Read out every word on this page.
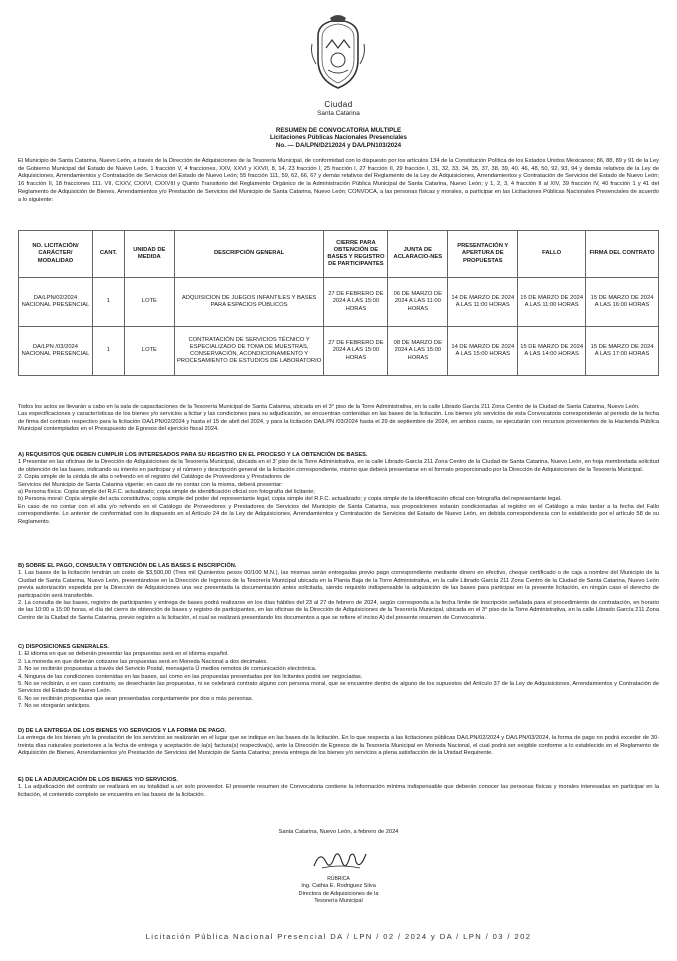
Ciudad
Santa Catarina
RESUMEN DE CONVOCATORIA MULTIPLE
Licitaciones Públicas Nacionales Presenciales
No. — DA/LPN/D212024 y DA/LPN103/2024
El Municipio de Santa Catarina, Nuevo León, a través de la Dirección de Adquisiciones de la Tesorería Municipal, de conformidad con lo dispuesto por los artículos 134 de la Constitución Política de los Estados Unidos Mexicanos; 86, 88, 89 y 91 de la Ley de Gobierno Municipal del Estado de Nuevo León, 1 fracción V, 4 fracciones, XXV, XXVI y XXVII, 8, 14, 23 fracción I, 25 fracción I, 27 fracción II, 29 fracción I, 31, 32, 33, 34, 35, 37, 38, 39, 40, 46, 48, 50, 92, 93, 94 y demás relativos de la Ley de Adquisiciones, Arrendamientos y Contratación de Servicios del Estado de Nuevo León; 55 fracción 111, 59, 62, 66, 67 y demás relativos del Reglamento de la Ley de Adquisiciones, Arrendamientos y Contratación de Servicios del Estado de Nuevo León; 16 fracción II, 18 fracciones 111. VII, CXXV, CXXVI, CXXVIII y Quinto Transitorio del Reglamento Orgánico de la Administración Pública Municipal de Santa Catarina, Nuevo León; y 1, 2, 3, 4 fracción II al XIV, 39 fracción IV, 40 fracción 1 y 41 del Reglamento de Adquisición de Bienes, Arrendamientos y/o Prestación de Servicios del Municipio de Santa Catarina, Nuevo León; CONVOCA, a las personas físicas y morales, a participar en las Licitaciones Públicas Nacionales Presenciales de acuerdo a lo siguiente:
NO. LICITACIÓN/ CARÁCTER/ MODALIDAD	CANT.	UNIDAD DE MEDIDA	DESCRIPCIÓN GENERAL	CIERRE PARA OBTENCIÓN DE BASES Y REGISTRO DE PARTICIPANTES	JUNTA DE ACLARACIO-NES	PRESENTACIÓN Y APERTURA DE PROPUESTAS	FALLO	FIRMA DEL CONTRATO
DA/LPN/02/2024 NACIONAL PRESENCIAL	1	LOTE	ADQUISICION DE JUEGOS INFANTILES Y BASES PARA ESPACIOS PÚBLICOS	27 DE FEBRERO DE 2024 A LAS 15:00 HORAS	06 DE MARZO DE 2024 A LAS 11:00 HORAS	14 DE MARZO DE 2024 A LAS 11:00 HORAS	15 DE MARZO DE 2024 A LAS 11:00 HORAS	15 DE MARZO DE 2024 A LAS 16:00 HORAS
DA/LPN /03/2024 NACIONAL PRESENCIAL	1	LOTE	CONTRATACIÓN DE SERVICIOS TÉCNICO Y ESPECIALIZADO DE TOMA DE MUESTRAS, CONSERVACIÓN, ACONDICIONAMIENTO Y PROCESAMIENTO DE ESTUDIOS DE LABORATORIO	27 DE FEBRERO DE 2024 A LAS 15:00 HORAS	08 DE MARZO DE 2024 A LAS 15:00 HORAS	14 DE MARZO DE 2024 A LAS 15:00 HORAS	15 DE MARZO DE 2024 A LAS 14:00 HORAS	15 DE MARZO DE 2024 A LAS 17:00 HORAS

Todos los actos se llevarán a cabo en la sala de capacitaciones de la Tesorería Municipal de Santa Catarina, ubicada en el 3° piso de la Torre Administrativa, en la calle Librado García 211 Zona Centro de la Ciudad de Santa Catarina, Nuevo León.

Las especificaciones y características de los bienes y/o servicios a licitar y las condiciones para su adjudicación, se encuentran contenidas en las bases de la licitación. Los bienes y/o servicios de esta Convocatoria corresponderán al periodo de la fecha de firma del contrato respectivo para la licitación DA/LPN/02/2024 y hasta el 15 de abril del 2024, y para la licitación DA/LPN /03/2024 hasta el 29 de septiembre de 2024, en ambos casos, se ejecutarán con recursos provenientes de la Hacienda Pública Municipal contemplados en el Presupuesto de Egresos del ejercicio fiscal 2024.

A) REQUISITOS QUE DEBEN CUMPLIR LOS INTERESADOS PARA SU REGISTRO EN EL PROCESO Y LA OBTENCIÓN DE BASES.

1 Presentar en las oficinas de la Dirección de Adquisiciones de la Tesorería Municipal, ubicada en el 3' piso de la Torre Administrativa, en la calle Librado García 211 Zona Centro de la Ciudad de Santa Catarina, Nuevo León, en hoja membretada solicitud de obtención de las bases, indicando su interés en participar y el número y descripción general de la licitación correspondiente, mismo que deberá presentarse en el formato proporcionado por la Dirección de Adquisiciones de la Tesorería Municipal.

2. Copia simple de la cédula de alta o refrendo en el registro del Catálogo de Proveedores y Prestadores de

Servicios del Municipio de Santa Catarina vigente; en caso de no contar con la misma, deberá presentar:

a) Persona física: Copia simple del R.F.C. actualizado; copia simple de identificación oficial con fotografía del licitante;

b) Persona moral: Copia simple del acta constitutiva; copia simple del poder del representante legal; copia simple del R.F.C. actualizado; y copia simple de la identificación oficial con fotografía del representante legal.

En caso de no contar con el alta y/o refrendo en el Catálogo de Proveedores y Prestadores de Servicios del Municipio de Santa Catarina, sus proposiciones estarán condicionadas al registro en el Catálogo a más tardar a la fecha del Fallo correspondiente. Lo anterior de conformidad con lo dispuesto en el Artículo 24 de la Ley de Adquisiciones, Arrendamientos y Contratación de Servicios del Estado de Nuevo León, en debida correspondencia con lo establecido por el artículo 58 de su Reglamento.

B) SOBRE EL PAGO, CONSULTA Y OBTENCIÓN DE LAS BASES E INSCRIPCIÓN.

1. Las bases de la licitación tendrán un costo de $3,500,00 (Tres mil Quinientos pesos 00/100 M.N.), las mismas serán entregadas previo pago correspondiente mediante dinero en efectivo, cheque certificado o de caja a nombre del Municipio de la Ciudad de Santa Catarina, Nuevo León, presentándose en la Dirección de Ingresos de la Tesorería Municipal ubicada en la Planta Baja de la Torre Administrativa, en la calle Librado García 211 Zona Centro de la Ciudad de Santa Catarina, Nuevo León previa autorización expedida por la Dirección de Adquisiciones una vez presentada la documentación antes solicitada, siendo requisito indispensable la adquisición de las bases para participar en la presente licitación, en ningún caso el derecho de participación será transferible.

2. La consulta de las bases, registro de participantes y entrega de bases podrá realizarse en los días hábiles del 23 al 27 de febrero de 2024, según corresponda a la fecha límite de inscripción señalada para el procedimiento de contratación, en horario de las 10:00 a 15:00 horas, el día del cierre de obtención de bases y registro de participantes, en las oficinas de la Dirección de Adquisiciones de la Tesorería Municipal, ubicada en el 3° piso de la Torre Administrativa, en la calle Librado García 211 Zona Centro de la Ciudad de Santa Catarina, previo registro a la licitación, el cual se realizará presentando los documentos a que se refiere el inciso A) del presente resumen de Convocatoria.

C) DISPOSICIONES GENERALES.

1. El idioma en que se deberán presentar las propuestas será en el idioma español.

2. La moneda en que deberán cotizarse las propuestas será en Moneda Nacional a dos decimales.

3. No se recibirán propuestas a través del Servicio Postal, mensajería Ü medios remotos de comunicación electrónica.

4. Ninguna de las condiciones contenidas en las bases, así como en las propuestas presentadas por los licitantes podrá ser negociadas.

5. No se recibirán, o en caso contrario, se desecharán las propuestas, ni se celebrará contrato alguno con persona moral, que se encuentre dentro de alguno de los supuestos del Artículo 37 de la Ley de Adquisiciones, Arrendamientos y Contratación de Servicios del Estado de Nuevo León.

6. No se recibirán propuestas que sean presentadas conjuntamente por dos o más personas.

7. No se otorgarán anticipos.

D) DE LA ENTREGA DE LOS BIENES Y/O SERVICIOS Y LA FORMA DE PAGO.

La entrega de los bienes y/o la prestación de los servicios se realizarán en el lugar que se indique en las bases de la licitación. En lo que respecta a las licitaciones públicas DA/LPN/02/2024 y DA/LPN/03/2024, la forma de pago no podrá exceder de 30- treinta días naturales posteriores a la fecha de entrega y aceptación de la(s) factura(s) respectiva(s), ante la Dirección de Egresos de la Tesorería Municipal en Moneda Nacional, el cual podrá ser exigible conforme a lo establecido en el Reglamento de Adquisición de Bienes, Arrendamientos y/o Prestación de Servicios del Municipio de Santa Catarina; previa entrega de los bienes y/o servicios a plena satisfacción de la Unidad Requirente.

E) DE LA ADJUDICACIÓN DE LOS BIENES Y/O SERVICIOS.

1. La adjudicación del contrato se realizará en su totalidad a un solo proveedor. El presente resumen de Convocatoria contiene la información mínima indispensable que deberán conocer las personas físicas y morales interesadas en participar en la licitación, el contenido completo se encuentra en las bases de la licitación.

Santa Catarina, Nuevo León, a febrero de 2024
RÚBRICA
Ing. Cathia E. Rodriguez Silva
Directora de Adquisiciones de la
Tesorería Municipal
Licitación Pública Nacional Presencial DA / LPN / 02 / 2024 y DA / LPN / 03 / 202
